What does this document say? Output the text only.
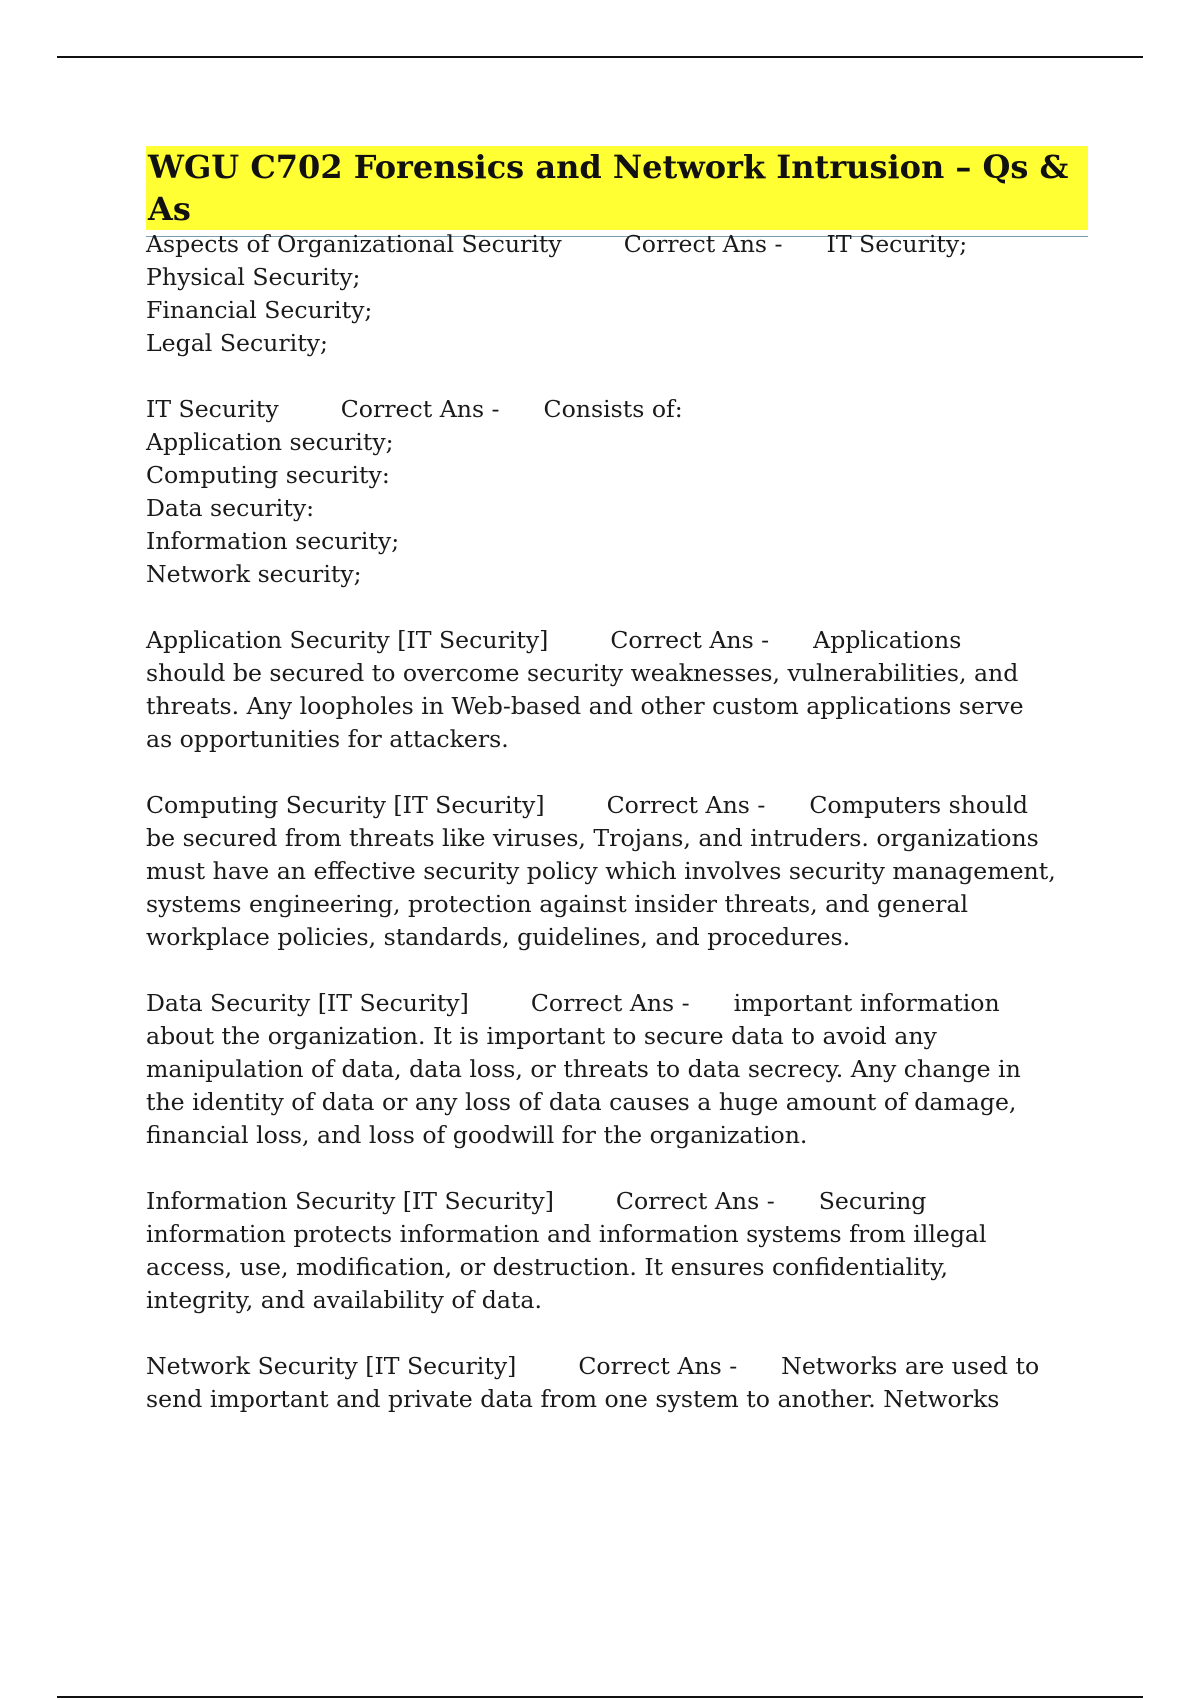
WGU C702 Forensics and Network Intrusion – Qs & As
Aspects of Organizational Security	Correct Ans - IT Security;
Physical Security;
Financial Security;
Legal Security;
IT Security	Correct Ans - Consists of:
Application security;
Computing security:
Data security:
Information security;
Network security;
Application Security [IT Security]	Correct Ans - Applications
should be secured to overcome security weaknesses, vulnerabilities, and
threats. Any loopholes in Web-based and other custom applications serve
as opportunities for attackers.
Computing Security [IT Security]	Correct Ans - Computers should
be secured from threats like viruses, Trojans, and intruders. organizations
must have an effective security policy which involves security management,
systems engineering, protection against insider threats, and general
workplace policies, standards, guidelines, and procedures.
Data Security [IT Security]	Correct Ans - important information
about the organization. It is important to secure data to avoid any
manipulation of data, data loss, or threats to data secrecy. Any change in
the identity of data or any loss of data causes a huge amount of damage,
financial loss, and loss of goodwill for the organization.
Information Security [IT Security]	Correct Ans - Securing
information protects information and information systems from illegal
access, use, modification, or destruction. It ensures confidentiality,
integrity, and availability of data.
Network Security [IT Security]	Correct Ans - Networks are used to
send important and private data from one system to another. Networks
